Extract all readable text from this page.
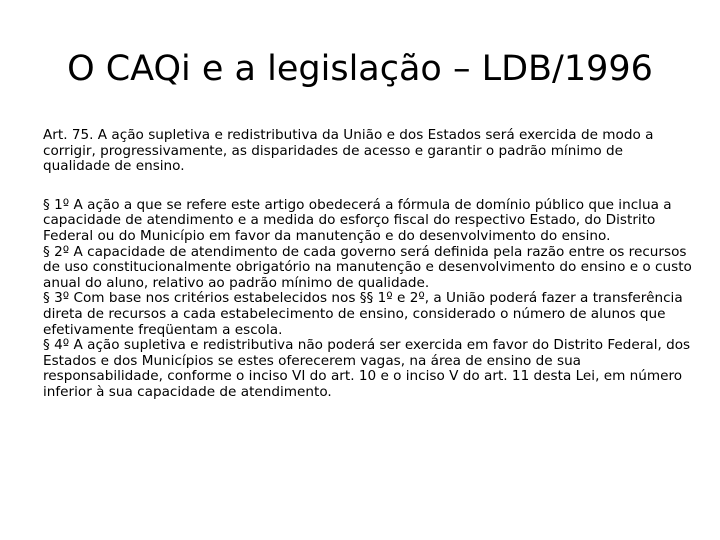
O CAQi e a legislação – LDB/1996

Art. 75. A ação supletiva e redistributiva da União e dos Estados será exercida de modo a corrigir, progressivamente, as disparidades de acesso e garantir o padrão mínimo de qualidade de ensino.

§ 1º A ação a que se refere este artigo obedecerá a fórmula de domínio público que inclua a capacidade de atendimento e a medida do esforço fiscal do respectivo Estado, do Distrito Federal ou do Município em favor da manutenção e do desenvolvimento do ensino.

§ 2º A capacidade de atendimento de cada governo será definida pela razão entre os recursos de uso constitucionalmente obrigatório na manutenção e desenvolvimento do ensino e o custo anual do aluno, relativo ao padrão mínimo de qualidade.

§ 3º Com base nos critérios estabelecidos nos §§ 1º e 2º, a União poderá fazer a transferência direta de recursos a cada estabelecimento de ensino, considerado o número de alunos que efetivamente freqüentam a escola.

§ 4º A ação supletiva e redistributiva não poderá ser exercida em favor do Distrito Federal, dos Estados e dos Municípios se estes oferecerem vagas, na área de ensino de sua responsabilidade, conforme o inciso VI do art. 10 e o inciso V do art. 11 desta Lei, em número inferior à sua capacidade de atendimento.
